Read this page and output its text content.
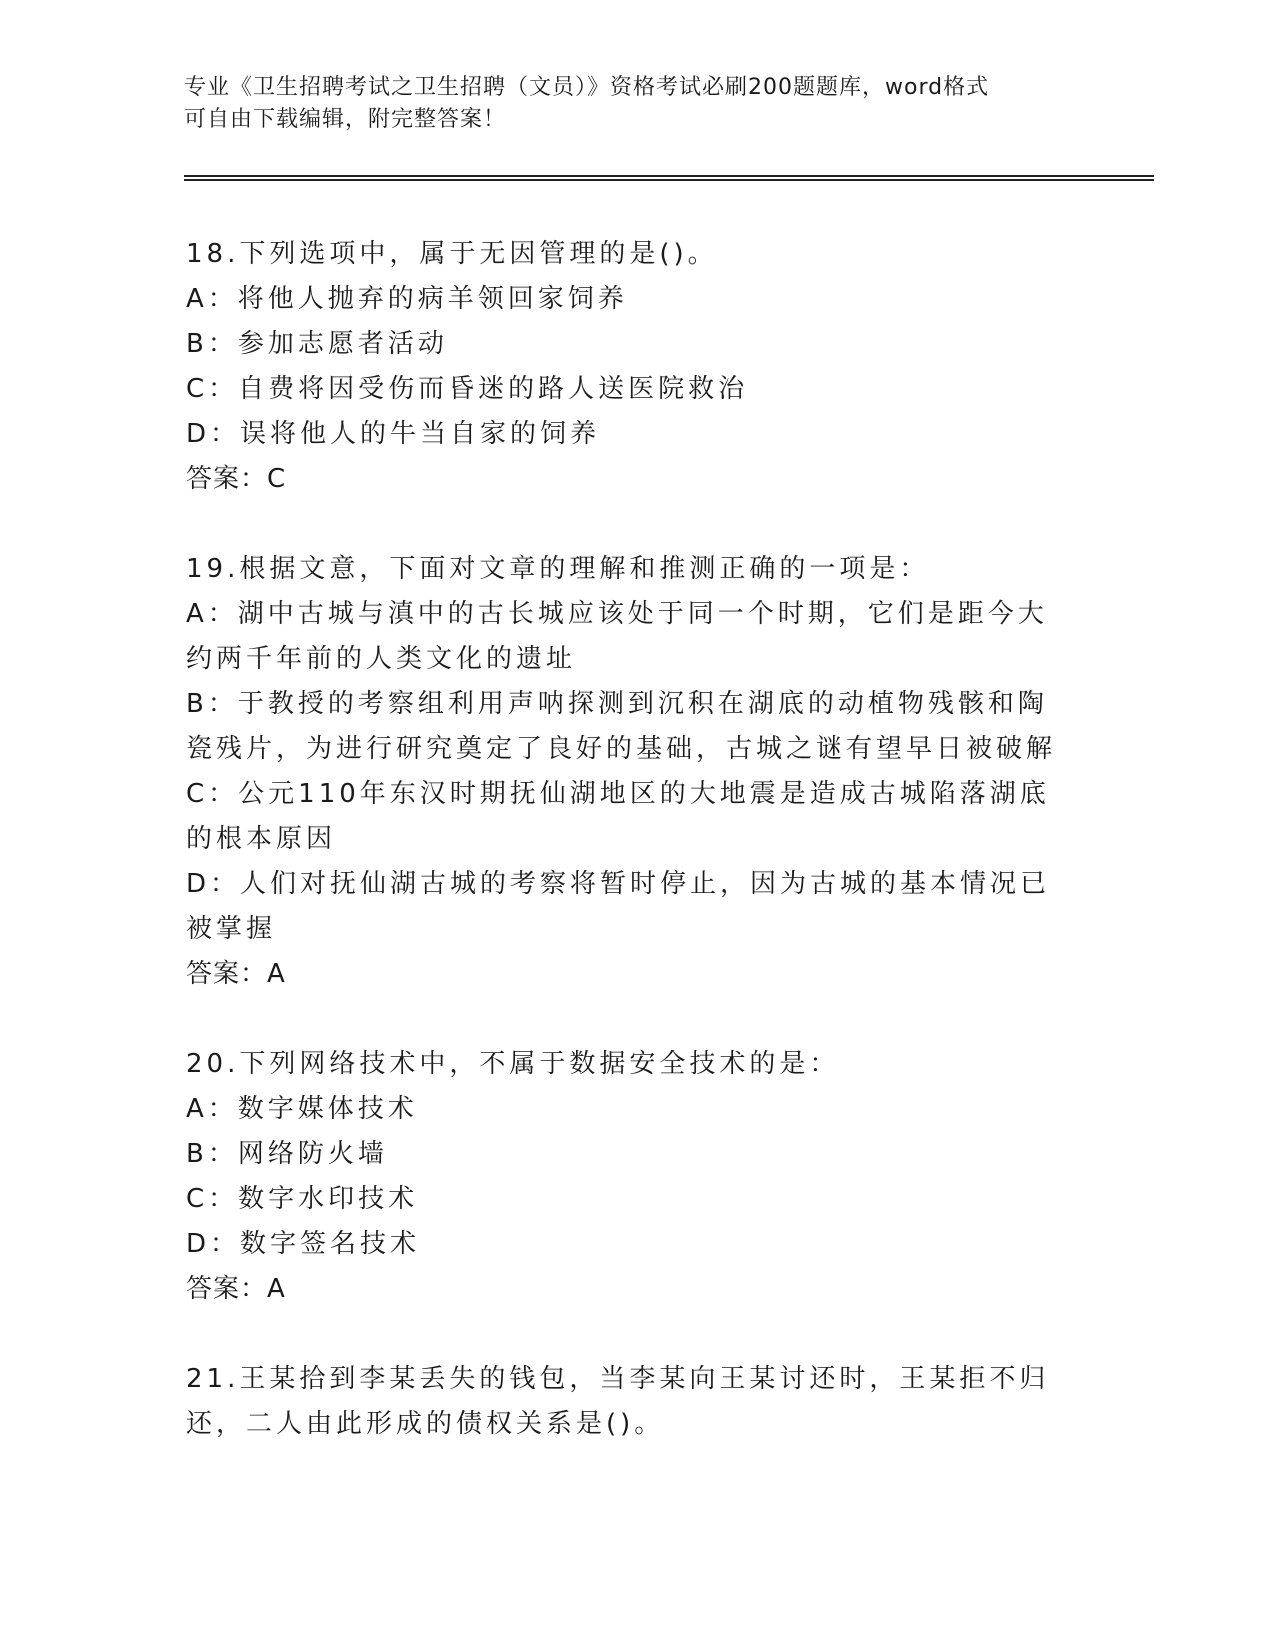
专业《卫生招聘考试之卫生招聘（文员）》资格考试必刷200题题库，word格式
可自由下载编辑，附完整答案！
18.下列选项中，属于无因管理的是()。
A：将他人抛弃的病羊领回家饲养
B：参加志愿者活动
C：自费将因受伤而昏迷的路人送医院救治
D：误将他人的牛当自家的饲养
答案：C
19.根据文意，下面对文章的理解和推测正确的一项是：
A：湖中古城与滇中的古长城应该处于同一个时期，它们是距今大约两千年前的人类文化的遗址
B：于教授的考察组利用声呐探测到沉积在湖底的动植物残骸和陶瓷残片，为进行研究奠定了良好的基础，古城之谜有望早日被破解
C：公元110年东汉时期抚仙湖地区的大地震是造成古城陷落湖底的根本原因
D：人们对抚仙湖古城的考察将暂时停止，因为古城的基本情况已被掌握
答案：A
20.下列网络技术中，不属于数据安全技术的是：
A：数字媒体技术
B：网络防火墙
C：数字水印技术
D：数字签名技术
答案：A
21.王某拾到李某丢失的钱包，当李某向王某讨还时，王某拒不归还，二人由此形成的债权关系是()。
